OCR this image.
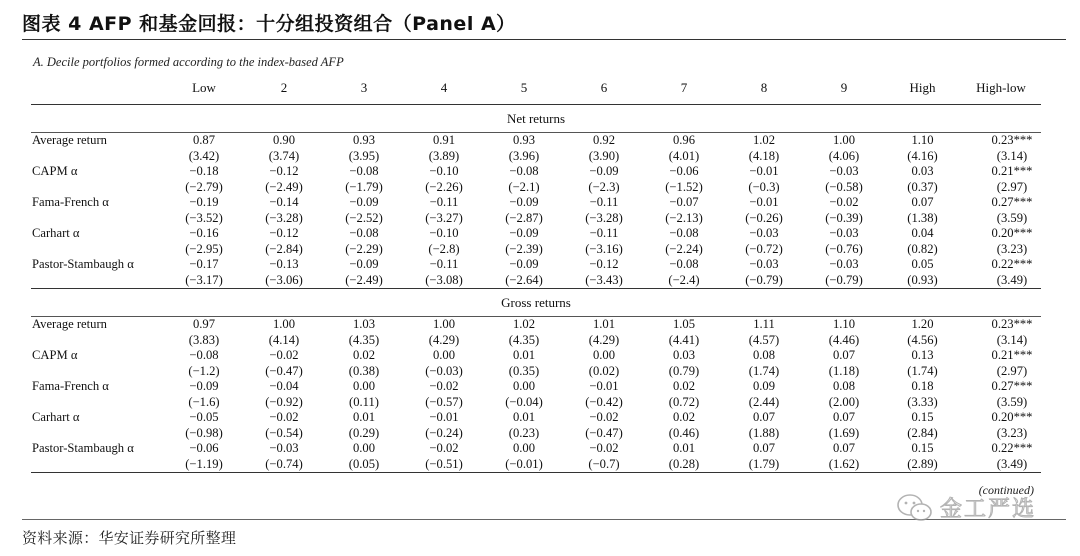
图表 4 AFP 和基金回报：十分组投资组合（Panel A）
A. Decile portfolios formed according to the index-based AFP
	Low	2	3	4	5	6	7	8	9	High	High-low
Net returns											
Average return	0.87	0.90	0.93	0.91	0.93	0.92	0.96	1.02	1.00	1.10	0.23***
	(3.42)	(3.74)	(3.95)	(3.89)	(3.96)	(3.90)	(4.01)	(4.18)	(4.06)	(4.16)	(3.14)
CAPM α	−0.18	−0.12	−0.08	−0.10	−0.08	−0.09	−0.06	−0.01	−0.03	0.03	0.21***
	(−2.79)	(−2.49)	(−1.79)	(−2.26)	(−2.1)	(−2.3)	(−1.52)	(−0.3)	(−0.58)	(0.37)	(2.97)
Fama-French α	−0.19	−0.14	−0.09	−0.11	−0.09	−0.11	−0.07	−0.01	−0.02	0.07	0.27***
	(−3.52)	(−3.28)	(−2.52)	(−3.27)	(−2.87)	(−3.28)	(−2.13)	(−0.26)	(−0.39)	(1.38)	(3.59)
Carhart α	−0.16	−0.12	−0.08	−0.10	−0.09	−0.11	−0.08	−0.03	−0.03	0.04	0.20***
	(−2.95)	(−2.84)	(−2.29)	(−2.8)	(−2.39)	(−3.16)	(−2.24)	(−0.72)	(−0.76)	(0.82)	(3.23)
Pastor-Stambaugh α	−0.17	−0.13	−0.09	−0.11	−0.09	−0.12	−0.08	−0.03	−0.03	0.05	0.22***
	(−3.17)	(−3.06)	(−2.49)	(−3.08)	(−2.64)	(−3.43)	(−2.4)	(−0.79)	(−0.79)	(0.93)	(3.49)
Gross returns											
Average return	0.97	1.00	1.03	1.00	1.02	1.01	1.05	1.11	1.10	1.20	0.23***
	(3.83)	(4.14)	(4.35)	(4.29)	(4.35)	(4.29)	(4.41)	(4.57)	(4.46)	(4.56)	(3.14)
CAPM α	−0.08	−0.02	0.02	0.00	0.01	0.00	0.03	0.08	0.07	0.13	0.21***
	(−1.2)	(−0.47)	(0.38)	(−0.03)	(0.35)	(0.02)	(0.79)	(1.74)	(1.18)	(1.74)	(2.97)
Fama-French α	−0.09	−0.04	0.00	−0.02	0.00	−0.01	0.02	0.09	0.08	0.18	0.27***
	(−1.6)	(−0.92)	(0.11)	(−0.57)	(−0.04)	(−0.42)	(0.72)	(2.44)	(2.00)	(3.33)	(3.59)
Carhart α	−0.05	−0.02	0.01	−0.01	0.01	−0.02	0.02	0.07	0.07	0.15	0.20***
	(−0.98)	(−0.54)	(0.29)	(−0.24)	(0.23)	(−0.47)	(0.46)	(1.88)	(1.69)	(2.84)	(3.23)
Pastor-Stambaugh α	−0.06	−0.03	0.00	−0.02	0.00	−0.02	0.01	0.07	0.07	0.15	0.22***
	(−1.19)	(−0.74)	(0.05)	(−0.51)	(−0.01)	(−0.7)	(0.28)	(1.79)	(1.62)	(2.89)	(3.49)
(continued)
资料来源：华安证券研究所整理
金工严选
